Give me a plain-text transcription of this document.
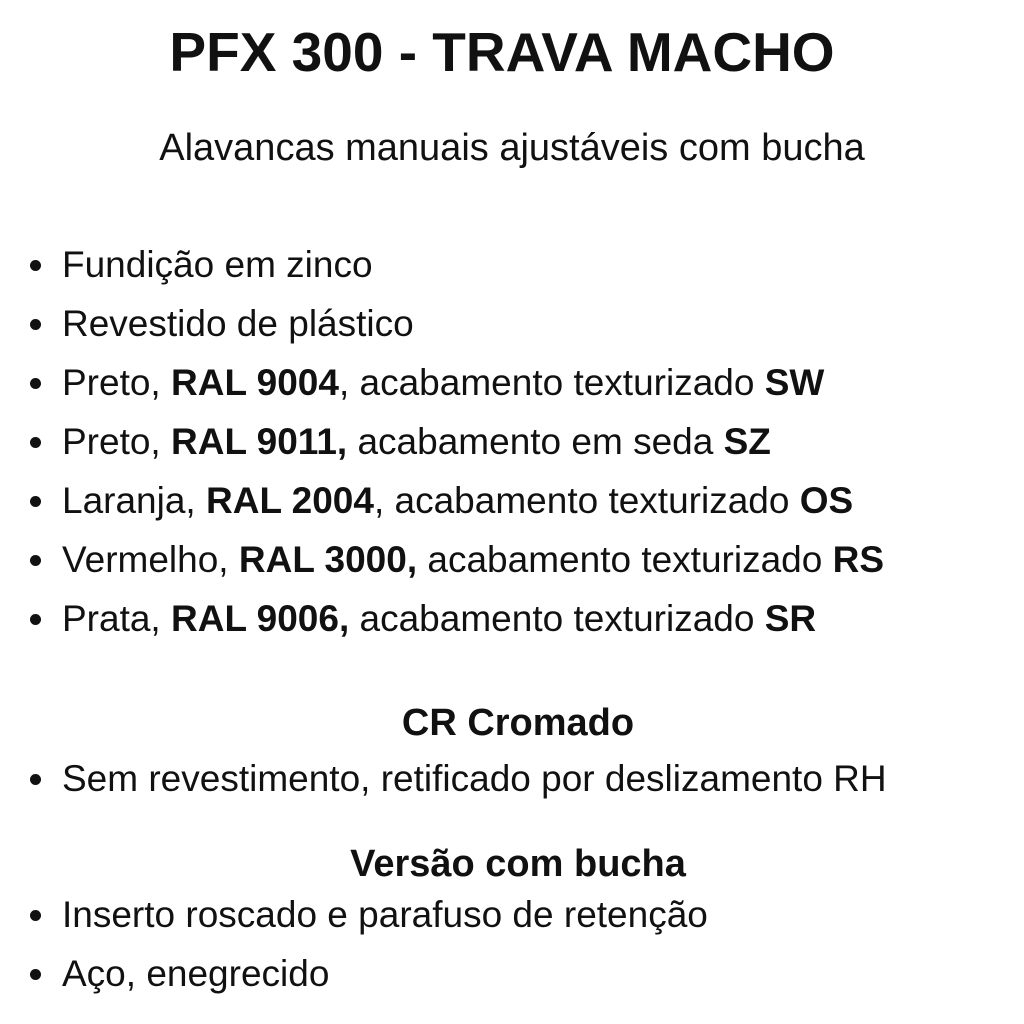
PFX 300 - TRAVA MACHO
Alavancas manuais ajustáveis com bucha
Fundição em zinco
Revestido de plástico
Preto, RAL 9004, acabamento texturizado SW
Preto, RAL 9011, acabamento em seda SZ
Laranja, RAL 2004, acabamento texturizado OS
Vermelho, RAL 3000, acabamento texturizado RS
Prata, RAL 9006, acabamento texturizado SR
CR Cromado
Sem revestimento, retificado por deslizamento RH
Versão com bucha
Inserto roscado e parafuso de retenção
Aço, enegrecido
